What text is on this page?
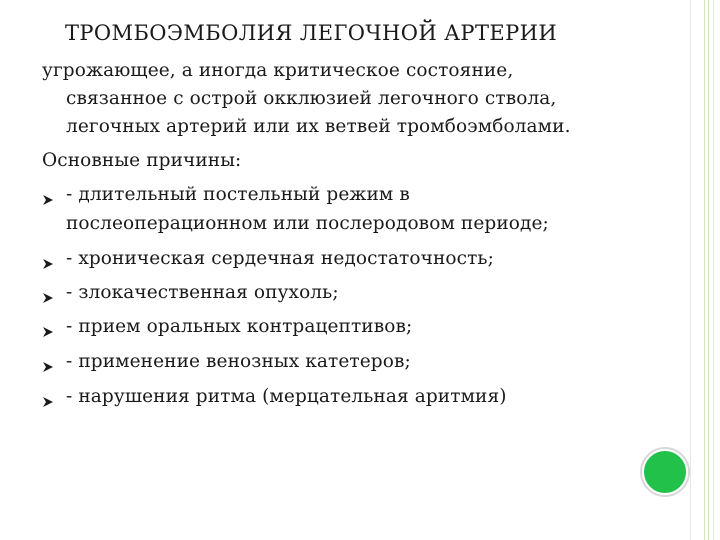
ТРОМБОЭМБОЛИЯ ЛЕГОЧНОЙ АРТЕРИИ
угрожающее, а иногда критическое состояние,
связанное с острой окклюзией легочного ствола,
легочных артерий или их ветвей тромбоэмболами.
Основные причины:
- длительный постельный режим в
послеоперационном или послеродовом периоде;
- хроническая сердечная недостаточность;
- злокачественная опухоль;
- прием оральных контрацептивов;
- применение венозных катетеров;
- нарушения ритма (мерцательная аритмия)
